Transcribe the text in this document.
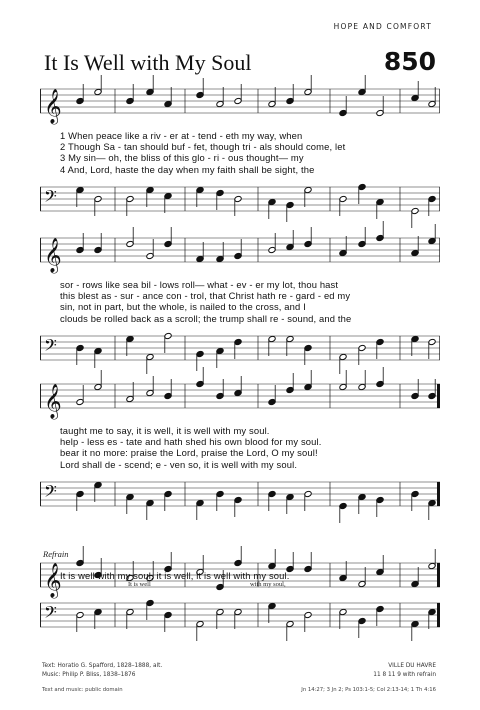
HOPE AND COMFORT
It Is Well with My Soul	850
𝄞
1 When peace like a riv - er at - tend - eth my way, when
2 Though Sa - tan should buf - fet, though tri - als should come, let
3 My sin— oh, the bliss of this glo - ri - ous thought— my
4 And, Lord, haste the day when my faith shall be sight, the
𝄢
𝄞
sor - rows like sea bil - lows roll— what - ev - er my lot, thou hast
this blest as - sur - ance con - trol, that Christ hath re - gard - ed my
sin, not in part, but the whole, is nailed to the cross, and I
clouds be rolled back as a scroll; the trump shall re - sound, and the
𝄢
𝄞
taught me to say, it is well, it is well with my soul.
help - less es - tate and hath shed his own blood for my soul.
bear it no more: praise the Lord, praise the Lord, O my soul!
Lord shall de - scend; e - ven so, it is well with my soul.
𝄢
Refrain
𝄞
It is well with my soul, it is well, it is well with my soul.
It is well	with my soul,
𝄢
Text: Horatio G. Spafford, 1828–1888, alt.
Music: Philip P. Bliss, 1838–1876
Text and music: public domain
VILLE DU HAVRE
11 8 11 9 with refrain
Jn 14:27; 3 Jn 2; Ps 103:1-5; Col 2:13-14; 1 Th 4:16
